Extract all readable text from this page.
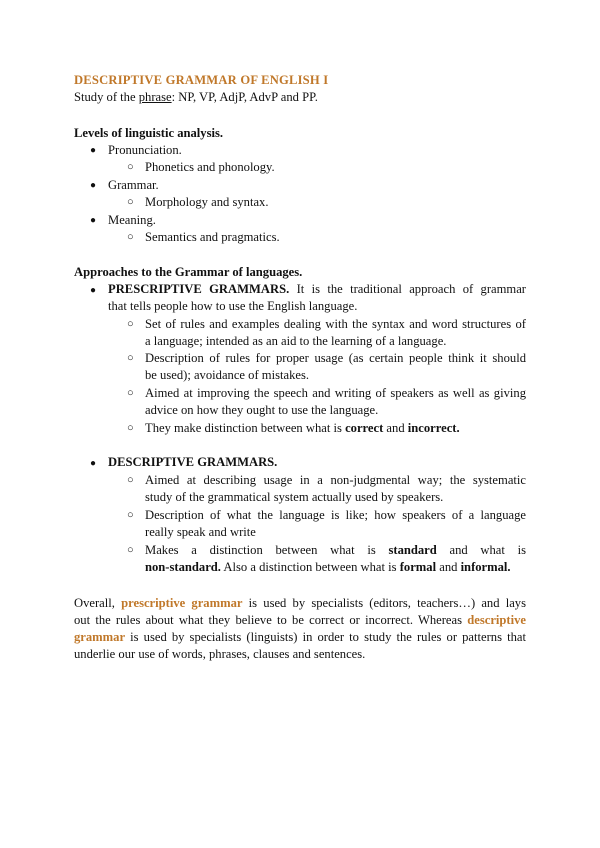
DESCRIPTIVE GRAMMAR OF ENGLISH I
Study of the phrase: NP, VP, AdjP, AdvP and PP.
Levels of linguistic analysis.
● Pronunciation.
○ Phonetics and phonology.
● Grammar.
○ Morphology and syntax.
● Meaning.
○ Semantics and pragmatics.
Approaches to the Grammar of languages.
● PRESCRIPTIVE GRAMMARS. It is the traditional approach of grammar
that tells people how to use the English language.
○ Set of rules and examples dealing with the syntax and word structures of
a language; intended as an aid to the learning of a language.
○ Description of rules for proper usage (as certain people think it should
be used); avoidance of mistakes.
○ Aimed at improving the speech and writing of speakers as well as giving
advice on how they ought to use the language.
○ They make distinction between what is correct and incorrect.
● DESCRIPTIVE GRAMMARS.
○ Aimed at describing usage in a non-judgmental way; the systematic
study of the grammatical system actually used by speakers.
○ Description of what the language is like; how speakers of a language
really speak and write
○ Makes a distinction between what is standard and what is
non-standard. Also a distinction between what is formal and informal.
Overall, prescriptive grammar is used by specialists (editors, teachers…) and lays
out the rules about what they believe to be correct or incorrect. Whereas descriptive
grammar is used by specialists (linguists) in order to study the rules or patterns that
underlie our use of words, phrases, clauses and sentences.
